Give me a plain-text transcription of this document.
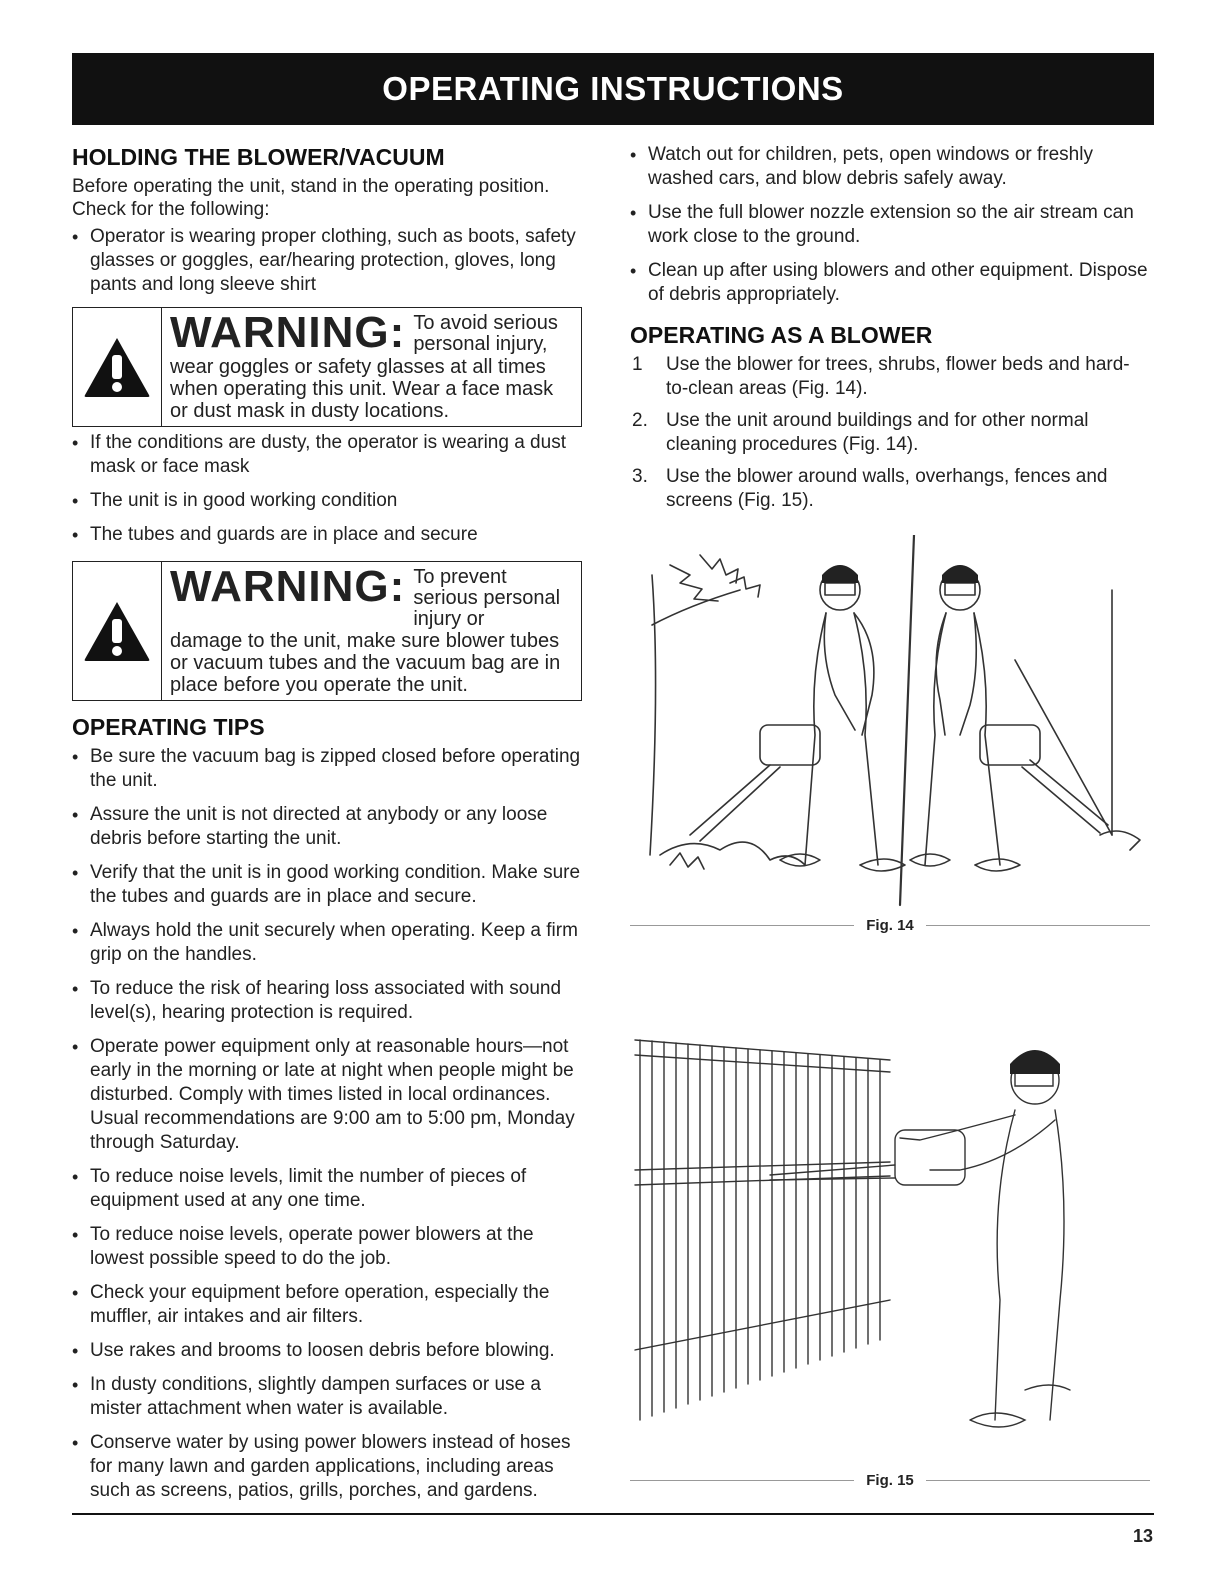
OPERATING INSTRUCTIONS
HOLDING THE BLOWER/VACUUM

Before operating the unit, stand in the operating position. Check for the following:

• Operator is wearing proper clothing, such as boots, safety glasses or goggles, ear/hearing protection, gloves, long pants and long sleeve shirt
WARNING: To avoid serious personal injury,
wear goggles or safety glasses at all times when operating this unit. Wear a face mask or dust mask in dusty locations.
• If the conditions are dusty, the operator is wearing a dust mask or face mask
• The unit is in good working condition
• The tubes and guards are in place and secure
WARNING: To prevent serious personal injury or
damage to the unit, make sure blower tubes or vacuum tubes and the vacuum bag are in place before you operate the unit.
OPERATING TIPS
• Be sure the vacuum bag is zipped closed before operating the unit.
• Assure the unit is not directed at anybody or any loose debris before starting the unit.
• Verify that the unit is in good working condition. Make sure the tubes and guards are in place and secure.
• Always hold the unit securely when operating. Keep a firm grip on the handles.
• To reduce the risk of hearing loss associated with sound level(s), hearing protection is required.
• Operate power equipment only at reasonable hours—not early in the morning or late at night when people might be disturbed. Comply with times listed in local ordinances. Usual recommendations are 9:00 am to 5:00 pm, Monday through Saturday.
• To reduce noise levels, limit the number of pieces of equipment used at any one time.
• To reduce noise levels, operate power blowers at the lowest possible speed to do the job.
• Check your equipment before operation, especially the muffler, air intakes and air filters.
• Use rakes and brooms to loosen debris before blowing.
• In dusty conditions, slightly dampen surfaces or use a mister attachment when water is available.
• Conserve water by using power blowers instead of hoses for many lawn and garden applications, including areas such as screens, patios, grills, porches, and gardens.
• Watch out for children, pets, open windows or freshly washed cars, and blow debris safely away.
• Use the full blower nozzle extension so the air stream can work close to the ground.
• Clean up after using blowers and other equipment. Dispose of debris appropriately.
OPERATING AS A BLOWER
1 Use the blower for trees, shrubs, flower beds and hard-to-clean areas (Fig. 14).
2. Use the unit around buildings and for other normal cleaning procedures (Fig. 14).
3. Use the blower around walls, overhangs, fences and screens (Fig. 15).
Fig. 14
Fig. 15
13
